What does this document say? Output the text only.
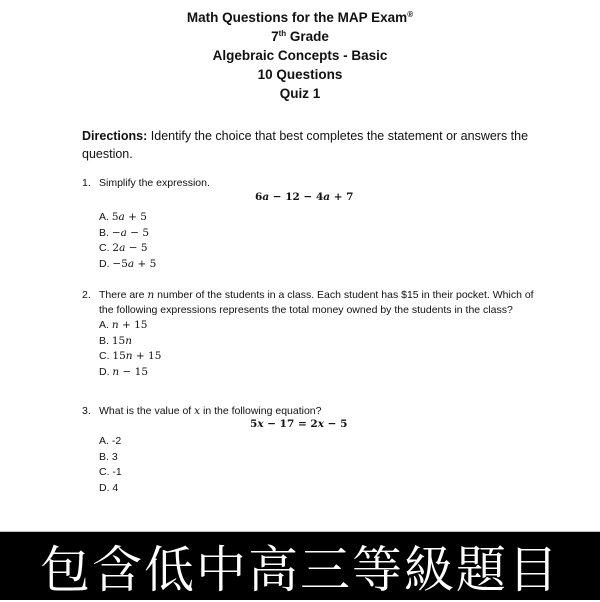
Math Questions for the MAP Exam®
7th Grade
Algebraic Concepts - Basic
10 Questions
Quiz 1
Directions: Identify the choice that best completes the statement or answers the question.
1. Simplify the expression.
6a − 12 − 4a + 7
A. 5a + 5
B. −a − 5
C. 2a − 5
D. −5a + 5
2. There are n number of the students in a class. Each student has $15 in their pocket. Which of the following expressions represents the total money owned by the students in the class?
A. n + 15
B. 15n
C. 15n + 15
D. n − 15
3. What is the value of x in the following equation?
5x − 17 = 2x − 5
A. -2
B. 3
C. -1
D. 4
包含低中高三等級題目
